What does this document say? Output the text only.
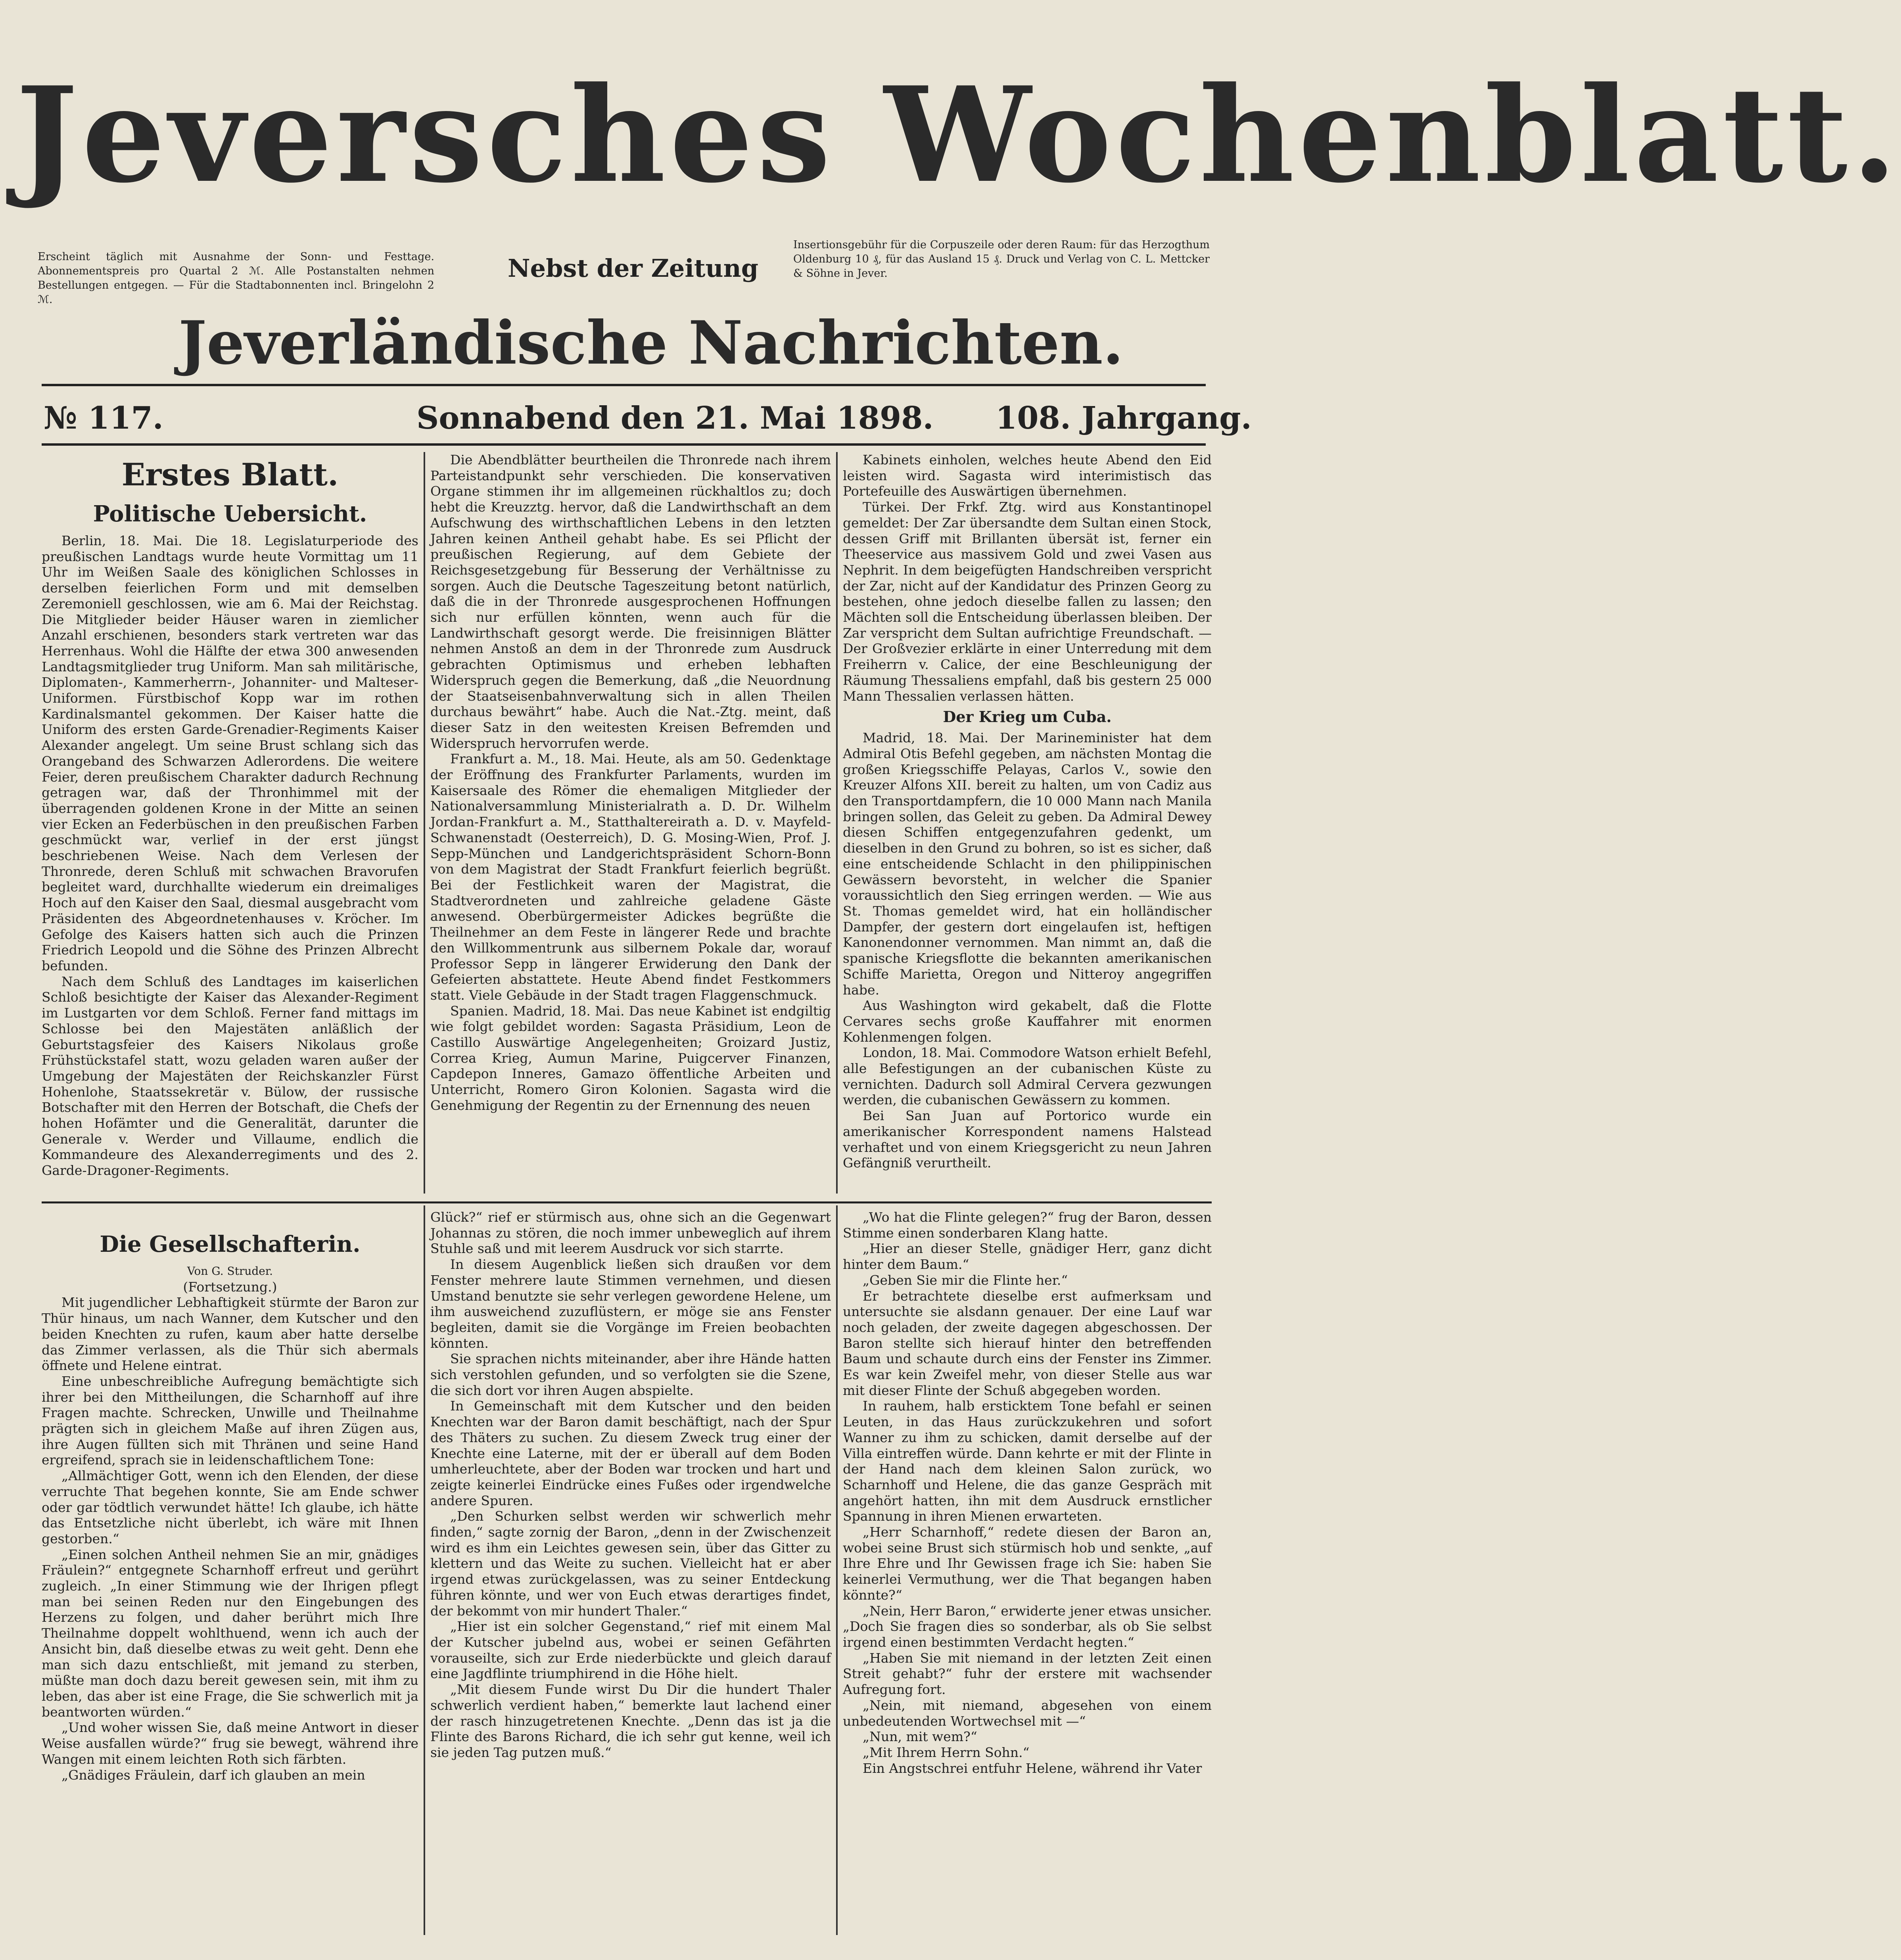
Jeversches Wochenblatt.
Erscheint täglich mit Ausnahme der Sonn- und Festtage. Abonnementspreis pro Quartal 2 ℳ. Alle Postanstalten nehmen Bestellungen entgegen. — Für die Stadtabonnenten incl. Bringelohn 2 ℳ.
Nebst der Zeitung
Insertionsgebühr für die Corpuszeile oder deren Raum: für das Herzogthum Oldenburg 10 ₰, für das Ausland 15 ₰. Druck und Verlag von C. L. Mettcker & Söhne in Jever.
Jeverländische Nachrichten.
№ 117.	Sonnabend den 21. Mai 1898. 108. Jahrgang.
Erstes Blatt.
Politische Uebersicht.

Berlin, 18. Mai. Die 18. Legislaturperiode des preußischen Landtags wurde heute Vormittag um 11 Uhr im Weißen Saale des königlichen Schlosses in derselben feierlichen Form und mit demselben Zeremoniell geschlossen, wie am 6. Mai der Reichstag. Die Mitglieder beider Häuser waren in ziemlicher Anzahl erschienen, besonders stark vertreten war das Herrenhaus. Wohl die Hälfte der etwa 300 anwesenden Landtagsmitglieder trug Uniform. Man sah militärische, Diplomaten-, Kammerherrn-, Johanniter- und Malteser-Uniformen. Fürstbischof Kopp war im rothen Kardinalsmantel gekommen. Der Kaiser hatte die Uniform des ersten Garde-Grenadier-Regiments Kaiser Alexander angelegt. Um seine Brust schlang sich das Orangeband des Schwarzen Adlerordens. Die weitere Feier, deren preußischem Charakter dadurch Rechnung getragen war, daß der Thronhimmel mit der überragenden goldenen Krone in der Mitte an seinen vier Ecken an Federbüschen in den preußischen Farben geschmückt war, verlief in der erst jüngst beschriebenen Weise. Nach dem Verlesen der Thronrede, deren Schluß mit schwachen Bravorufen begleitet ward, durchhallte wiederum ein dreimaliges Hoch auf den Kaiser den Saal, diesmal ausgebracht vom Präsidenten des Abgeordnetenhauses v. Kröcher. Im Gefolge des Kaisers hatten sich auch die Prinzen Friedrich Leopold und die Söhne des Prinzen Albrecht befunden.

Nach dem Schluß des Landtages im kaiserlichen Schloß besichtigte der Kaiser das Alexander-Regiment im Lustgarten vor dem Schloß. Ferner fand mittags im Schlosse bei den Majestäten anläßlich der Geburtstagsfeier des Kaisers Nikolaus große Frühstückstafel statt, wozu geladen waren außer der Umgebung der Majestäten der Reichskanzler Fürst Hohenlohe, Staatssekretär v. Bülow, der russische Botschafter mit den Herren der Botschaft, die Chefs der hohen Hofämter und die Generalität, darunter die Generale v. Werder und Villaume, endlich die Kommandeure des Alexanderregiments und des 2. Garde-Dragoner-Regiments.

Die Abendblätter beurtheilen die Thronrede nach ihrem Parteistandpunkt sehr verschieden. Die konservativen Organe stimmen ihr im allgemeinen rückhaltlos zu; doch hebt die Kreuzztg. hervor, daß die Landwirthschaft an dem Aufschwung des wirthschaftlichen Lebens in den letzten Jahren keinen Antheil gehabt habe. Es sei Pflicht der preußischen Regierung, auf dem Gebiete der Reichsgesetzgebung für Besserung der Verhältnisse zu sorgen. Auch die Deutsche Tageszeitung betont natürlich, daß die in der Thronrede ausgesprochenen Hoffnungen sich nur erfüllen könnten, wenn auch für die Landwirthschaft gesorgt werde. Die freisinnigen Blätter nehmen Anstoß an dem in der Thronrede zum Ausdruck gebrachten Optimismus und erheben lebhaften Widerspruch gegen die Bemerkung, daß „die Neuordnung der Staatseisenbahnverwaltung sich in allen Theilen durchaus bewährt“ habe. Auch die Nat.-Ztg. meint, daß dieser Satz in den weitesten Kreisen Befremden und Widerspruch hervorrufen werde.

Frankfurt a. M., 18. Mai. Heute, als am 50. Gedenktage der Eröffnung des Frankfurter Parlaments, wurden im Kaisersaale des Römer die ehemaligen Mitglieder der Nationalversammlung Ministerialrath a. D. Dr. Wilhelm Jordan-Frankfurt a. M., Statthaltereirath a. D. v. Mayfeld-Schwanenstadt (Oesterreich), D. G. Mosing-Wien, Prof. J. Sepp-München und Landgerichtspräsident Schorn-Bonn von dem Magistrat der Stadt Frankfurt feierlich begrüßt. Bei der Festlichkeit waren der Magistrat, die Stadtverordneten und zahlreiche geladene Gäste anwesend. Oberbürgermeister Adickes begrüßte die Theilnehmer an dem Feste in längerer Rede und brachte den Willkommentrunk aus silbernem Pokale dar, worauf Professor Sepp in längerer Erwiderung den Dank der Gefeierten abstattete. Heute Abend findet Festkommers statt. Viele Gebäude in der Stadt tragen Flaggenschmuck.

Spanien. Madrid, 18. Mai. Das neue Kabinet ist endgiltig wie folgt gebildet worden: Sagasta Präsidium, Leon de Castillo Auswärtige Angelegenheiten; Groizard Justiz, Correa Krieg, Aumun Marine, Puigcerver Finanzen, Capdepon Inneres, Gamazo öffentliche Arbeiten und Unterricht, Romero Giron Kolonien. Sagasta wird die Genehmigung der Regentin zu der Ernennung des neuen

Kabinets einholen, welches heute Abend den Eid leisten wird. Sagasta wird interimistisch das Portefeuille des Auswärtigen übernehmen.

Türkei. Der Frkf. Ztg. wird aus Konstantinopel gemeldet: Der Zar übersandte dem Sultan einen Stock, dessen Griff mit Brillanten übersät ist, ferner ein Theeservice aus massivem Gold und zwei Vasen aus Nephrit. In dem beigefügten Handschreiben verspricht der Zar, nicht auf der Kandidatur des Prinzen Georg zu bestehen, ohne jedoch dieselbe fallen zu lassen; den Mächten soll die Entscheidung überlassen bleiben. Der Zar verspricht dem Sultan aufrichtige Freundschaft. — Der Großvezier erklärte in einer Unterredung mit dem Freiherrn v. Calice, der eine Beschleunigung der Räumung Thessaliens empfahl, daß bis gestern 25 000 Mann Thessalien verlassen hätten.

Der Krieg um Cuba.

Madrid, 18. Mai. Der Marineminister hat dem Admiral Otis Befehl gegeben, am nächsten Montag die großen Kriegsschiffe Pelayas, Carlos V., sowie den Kreuzer Alfons XII. bereit zu halten, um von Cadiz aus den Transportdampfern, die 10 000 Mann nach Manila bringen sollen, das Geleit zu geben. Da Admiral Dewey diesen Schiffen entgegenzufahren gedenkt, um dieselben in den Grund zu bohren, so ist es sicher, daß eine entscheidende Schlacht in den philippinischen Gewässern bevorsteht, in welcher die Spanier voraussichtlich den Sieg erringen werden. — Wie aus St. Thomas gemeldet wird, hat ein holländischer Dampfer, der gestern dort eingelaufen ist, heftigen Kanonendonner vernommen. Man nimmt an, daß die spanische Kriegsflotte die bekannten amerikanischen Schiffe Marietta, Oregon und Nitteroy angegriffen habe.

Aus Washington wird gekabelt, daß die Flotte Cervares sechs große Kauffahrer mit enormen Kohlenmengen folgen.

London, 18. Mai. Commodore Watson erhielt Befehl, alle Befestigungen an der cubanischen Küste zu vernichten. Dadurch soll Admiral Cervera gezwungen werden, die cubanischen Gewässern zu kommen.

Bei San Juan auf Portorico wurde ein amerikanischer Korrespondent namens Halstead verhaftet und von einem Kriegsgericht zu neun Jahren Gefängniß verurtheilt.

Die Gesellschafterin.

Von G. Struder.

(Fortsetzung.)

Mit jugendlicher Lebhaftigkeit stürmte der Baron zur Thür hinaus, um nach Wanner, dem Kutscher und den beiden Knechten zu rufen, kaum aber hatte derselbe das Zimmer verlassen, als die Thür sich abermals öffnete und Helene eintrat.

Eine unbeschreibliche Aufregung bemächtigte sich ihrer bei den Mittheilungen, die Scharnhoff auf ihre Fragen machte. Schrecken, Unwille und Theilnahme prägten sich in gleichem Maße auf ihren Zügen aus, ihre Augen füllten sich mit Thränen und seine Hand ergreifend, sprach sie in leidenschaftlichem Tone:

„Allmächtiger Gott, wenn ich den Elenden, der diese verruchte That begehen konnte, Sie am Ende schwer oder gar tödtlich verwundet hätte! Ich glaube, ich hätte das Entsetzliche nicht überlebt, ich wäre mit Ihnen gestorben.“

„Einen solchen Antheil nehmen Sie an mir, gnädiges Fräulein?“ entgegnete Scharnhoff erfreut und gerührt zugleich. „In einer Stimmung wie der Ihrigen pflegt man bei seinen Reden nur den Eingebungen des Herzens zu folgen, und daher berührt mich Ihre Theilnahme doppelt wohlthuend, wenn ich auch der Ansicht bin, daß dieselbe etwas zu weit geht. Denn ehe man sich dazu entschließt, mit jemand zu sterben, müßte man doch dazu bereit gewesen sein, mit ihm zu leben, das aber ist eine Frage, die Sie schwerlich mit ja beantworten würden.“

„Und woher wissen Sie, daß meine Antwort in dieser Weise ausfallen würde?“ frug sie bewegt, während ihre Wangen mit einem leichten Roth sich färbten.

„Gnädiges Fräulein, darf ich glauben an mein

Glück?“ rief er stürmisch aus, ohne sich an die Gegenwart Johannas zu stören, die noch immer unbeweglich auf ihrem Stuhle saß und mit leerem Ausdruck vor sich starrte.

In diesem Augenblick ließen sich draußen vor dem Fenster mehrere laute Stimmen vernehmen, und diesen Umstand benutzte sie sehr verlegen gewordene Helene, um ihm ausweichend zuzuflüstern, er möge sie ans Fenster begleiten, damit sie die Vorgänge im Freien beobachten könnten.

Sie sprachen nichts miteinander, aber ihre Hände hatten sich verstohlen gefunden, und so verfolgten sie die Szene, die sich dort vor ihren Augen abspielte.

In Gemeinschaft mit dem Kutscher und den beiden Knechten war der Baron damit beschäftigt, nach der Spur des Thäters zu suchen. Zu diesem Zweck trug einer der Knechte eine Laterne, mit der er überall auf dem Boden umherleuchtete, aber der Boden war trocken und hart und zeigte keinerlei Eindrücke eines Fußes oder irgendwelche andere Spuren.

„Den Schurken selbst werden wir schwerlich mehr finden,“ sagte zornig der Baron, „denn in der Zwischenzeit wird es ihm ein Leichtes gewesen sein, über das Gitter zu klettern und das Weite zu suchen. Vielleicht hat er aber irgend etwas zurückgelassen, was zu seiner Entdeckung führen könnte, und wer von Euch etwas derartiges findet, der bekommt von mir hundert Thaler.“

„Hier ist ein solcher Gegenstand,“ rief mit einem Mal der Kutscher jubelnd aus, wobei er seinen Gefährten vorauseilte, sich zur Erde niederbückte und gleich darauf eine Jagdflinte triumphirend in die Höhe hielt.

„Mit diesem Funde wirst Du Dir die hundert Thaler schwerlich verdient haben,“ bemerkte laut lachend einer der rasch hinzugetretenen Knechte. „Denn das ist ja die Flinte des Barons Richard, die ich sehr gut kenne, weil ich sie jeden Tag putzen muß.“

„Wo hat die Flinte gelegen?“ frug der Baron, dessen Stimme einen sonderbaren Klang hatte.

„Hier an dieser Stelle, gnädiger Herr, ganz dicht hinter dem Baum.“

„Geben Sie mir die Flinte her.“

Er betrachtete dieselbe erst aufmerksam und untersuchte sie alsdann genauer. Der eine Lauf war noch geladen, der zweite dagegen abgeschossen. Der Baron stellte sich hierauf hinter den betreffenden Baum und schaute durch eins der Fenster ins Zimmer. Es war kein Zweifel mehr, von dieser Stelle aus war mit dieser Flinte der Schuß abgegeben worden.

In rauhem, halb ersticktem Tone befahl er seinen Leuten, in das Haus zurückzukehren und sofort Wanner zu ihm zu schicken, damit derselbe auf der Villa eintreffen würde. Dann kehrte er mit der Flinte in der Hand nach dem kleinen Salon zurück, wo Scharnhoff und Helene, die das ganze Gespräch mit angehört hatten, ihn mit dem Ausdruck ernstlicher Spannung in ihren Mienen erwarteten.

„Herr Scharnhoff,“ redete diesen der Baron an, wobei seine Brust sich stürmisch hob und senkte, „auf Ihre Ehre und Ihr Gewissen frage ich Sie: haben Sie keinerlei Vermuthung, wer die That begangen haben könnte?“

„Nein, Herr Baron,“ erwiderte jener etwas unsicher. „Doch Sie fragen dies so sonderbar, als ob Sie selbst irgend einen bestimmten Verdacht hegten.“

„Haben Sie mit niemand in der letzten Zeit einen Streit gehabt?“ fuhr der erstere mit wachsender Aufregung fort.

„Nein, mit niemand, abgesehen von einem unbedeutenden Wortwechsel mit —“

„Nun, mit wem?“

„Mit Ihrem Herrn Sohn.“

Ein Angstschrei entfuhr Helene, während ihr Vater
